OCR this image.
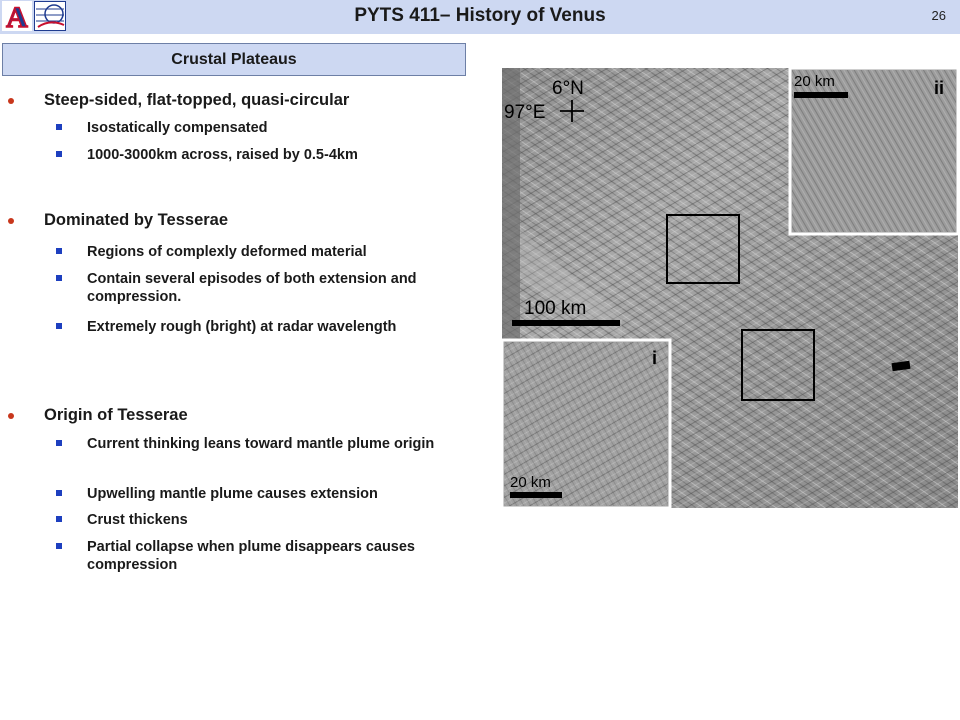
A	PYTS 411– History of Venus	26
Crustal Plateaus
Steep-sided, flat-topped, quasi-circular
Isostatically compensated
1000-3000km across, raised by 0.5-4km
Dominated by Tesserae
Regions of complexly deformed material
Contain several episodes of both extension and compression.
Extremely rough (bright) at radar wavelength
Origin of Tesserae
Current thinking leans toward mantle plume origin
Upwelling mantle plume causes extension
Crust thickens
Partial collapse when plume disappears causes compression
20 km	ii
20 km
i
6°N
97°E
100 km
